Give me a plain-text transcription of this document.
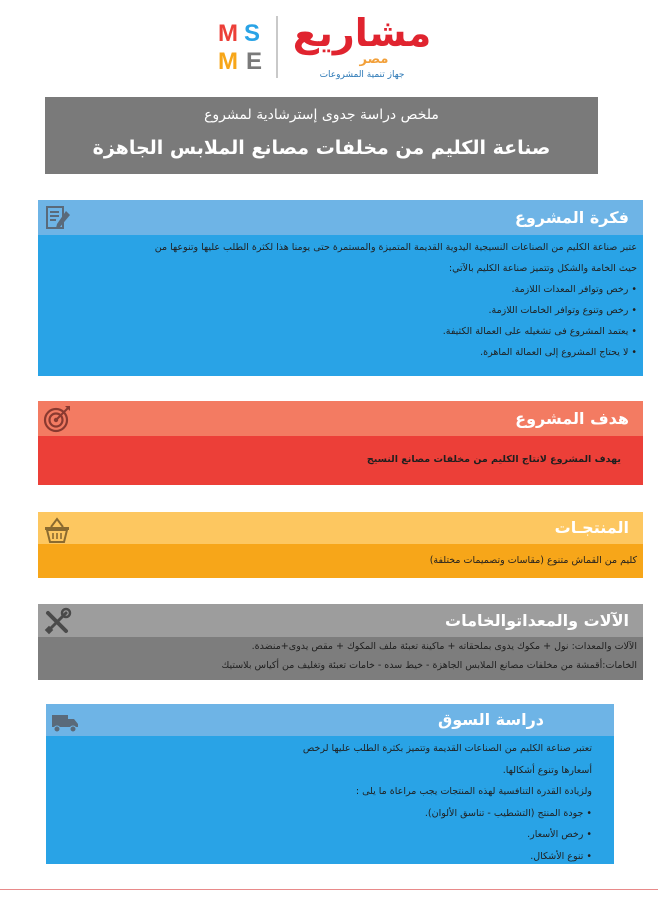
M S
M E
مشاريع
مصر
جهاز تنمية المشروعات
ملخص دراسة جدوى إسترشادية لمشروع
صناعة الكليم من مخلفات مصانع الملابس الجاهزة
فكرة المشروع

عتبر صناعة الكليم من الصناعات النسيجية اليدوية القديمة المتميزة والمستمرة حتى يومنا هذا لكثرة الطلب عليها وتنوعها من

حيث الخامة والشكل وتتميز صناعة الكليم بالآتي:

• رخص وتوافر المعدات اللازمة.

• رخص وتنوع وتوافر الخامات اللازمة.

• يعتمد المشروع فى تشغيله على العمالة الكثيفة.

• لا يحتاج المشروع إلى العمالة الماهرة.

هدف المشروع
يهدف المشروع لانتاج الكليم من مخلفات مصانع النسيج
المنتجـات
كليم من القماش متنوع (مقاسات وتصميمات مختلفة)
الآلات والمعداتوالخامات

الآلات والمعدات: نول + مكوك يدوى بملحقاته + ماكينة تعبئة ملف المكوك + مقص يدوى+منضدة.

الخامات:أقمشة من مخلفات مصانع الملابس الجاهزة - خيط سده - خامات تعبئة وتغليف من أكياس بلاستيك

دراسة السوق

تعتبر صناعة الكليم من الصناعات القديمة وتتميز بكثرة الطلب عليها لرخص

أسعارها وتنوع أشكالها.

ولزيادة القدرة التنافسية لهذه المنتجات يجب مراعاة ما يلى :

• جودة المنتج (التشطيب - تناسق الألوان).

• رخص الأسعار.

• تنوع الأشكال.
